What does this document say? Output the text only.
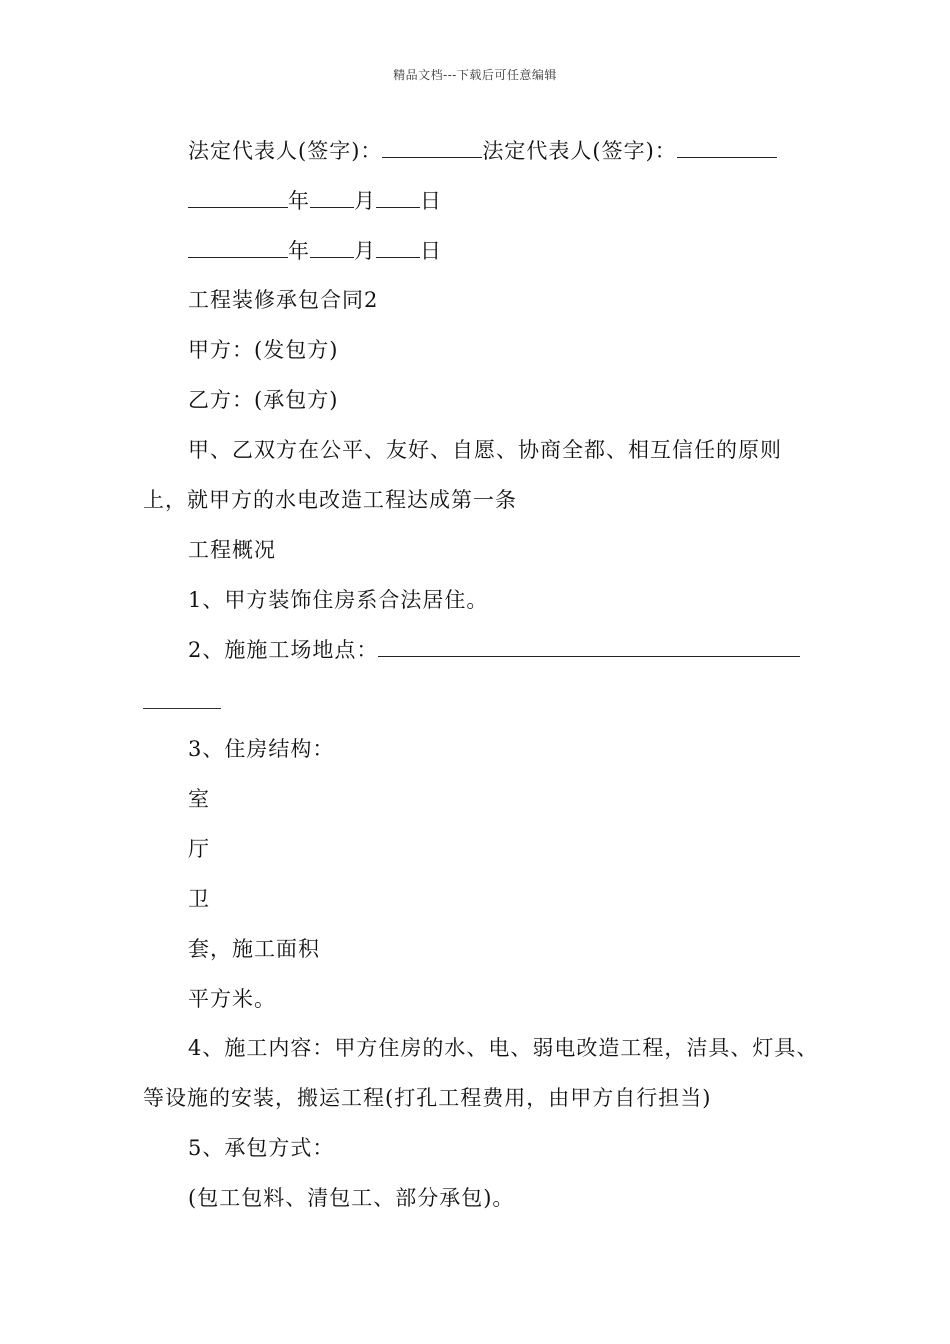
精品文档---下载后可任意编辑
法定代表人(签字)：	法定代表人(签字)：
年 月 日
年 月 日
工程装修承包合同2
甲方：(发包方)
乙方：(承包方)
甲、乙双方在公平、友好、自愿、协商全都、相互信任的原则
上，就甲方的水电改造工程达成第一条
工程概况
1、甲方装饰住房系合法居住。
2、施施工场地点：
3、住房结构：
室
厅
卫
套，施工面积
平方米。
4、施工内容：甲方住房的水、电、弱电改造工程，洁具、灯具、
等设施的安装，搬运工程(打孔工程费用，由甲方自行担当)
5、承包方式：
(包工包料、清包工、部分承包)。
